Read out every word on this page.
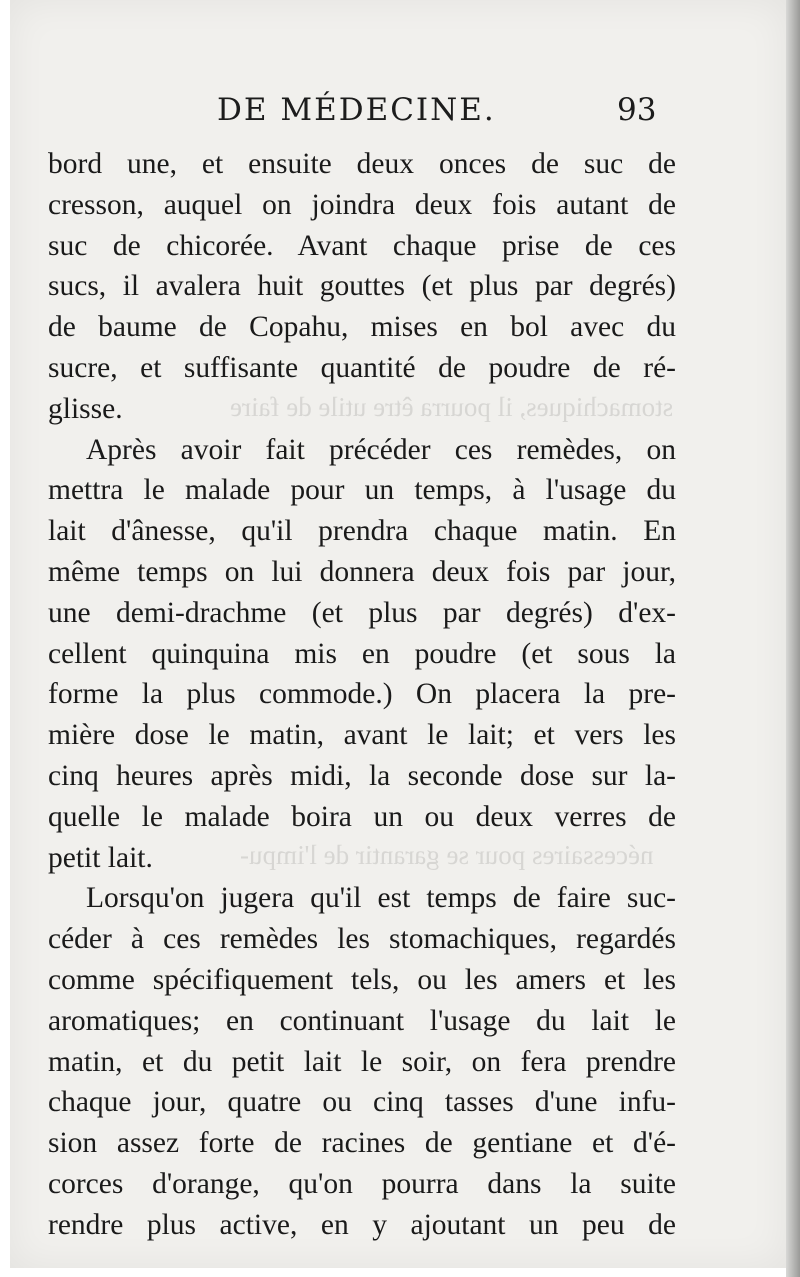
stomachiques, il pourra être utile de faire
nécessaires pour se garantir de l'impu-
DE MÉDECINE.	93
bord une, et ensuite deux onces de suc de
cresson, auquel on joindra deux fois autant de
suc de chicorée. Avant chaque prise de ces
sucs, il avalera huit gouttes (et plus par degrés)
de baume de Copahu, mises en bol avec du
sucre, et suffisante quantité de poudre de ré-
glisse.
Après avoir fait précéder ces remèdes, on
mettra le malade pour un temps, à l'usage du
lait d'ânesse, qu'il prendra chaque matin. En
même temps on lui donnera deux fois par jour,
une demi-drachme (et plus par degrés) d'ex-
cellent quinquina mis en poudre (et sous la
forme la plus commode.) On placera la pre-
mière dose le matin, avant le lait; et vers les
cinq heures après midi, la seconde dose sur la-
quelle le malade boira un ou deux verres de
petit lait.
Lorsqu'on jugera qu'il est temps de faire suc-
céder à ces remèdes les stomachiques, regardés
comme spécifiquement tels, ou les amers et les
aromatiques; en continuant l'usage du lait le
matin, et du petit lait le soir, on fera prendre
chaque jour, quatre ou cinq tasses d'une infu-
sion assez forte de racines de gentiane et d'é-
corces d'orange, qu'on pourra dans la suite
rendre plus active, en y ajoutant un peu de
